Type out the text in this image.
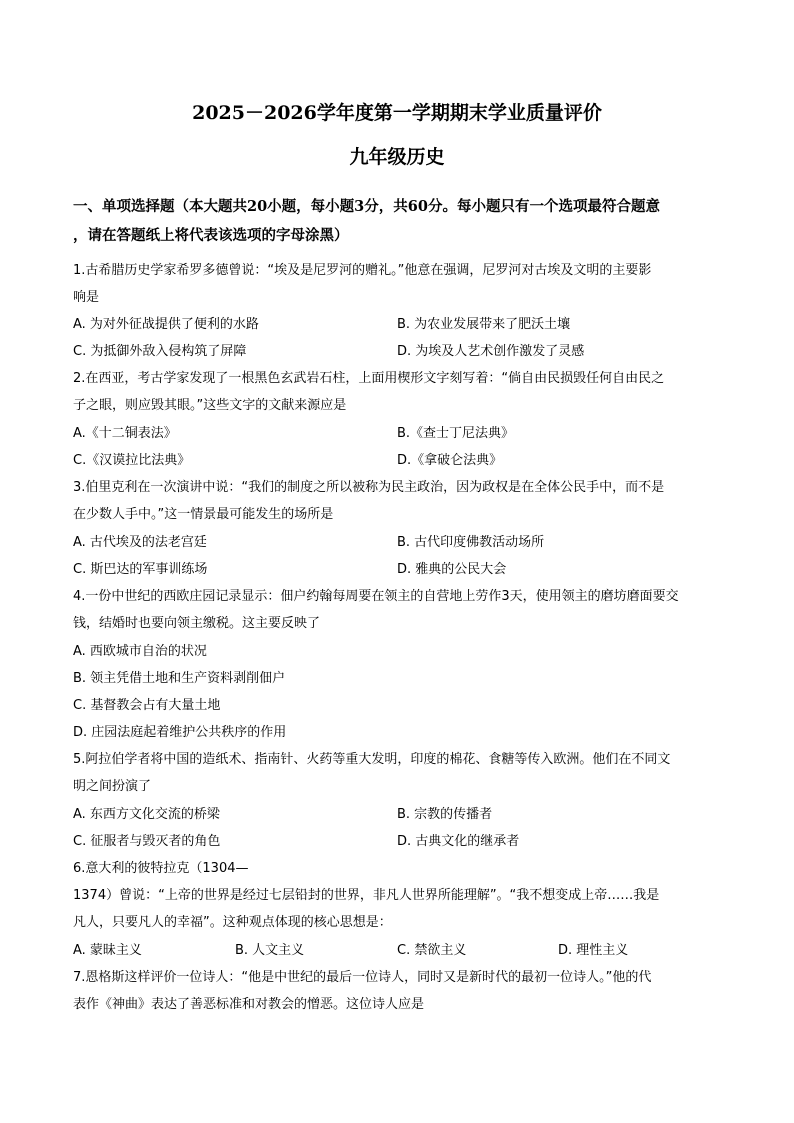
2025－2026学年度第一学期期末学业质量评价
九年级历史
一、单项选择题（本大题共20小题，每小题3分，共60分。每小题只有一个选项最符合题意
，请在答题纸上将代表该选项的字母涂黑）
1.古希腊历史学家希罗多德曾说：“埃及是尼罗河的赠礼。”他意在强调，尼罗河对古埃及文明的主要影
响是
A. 为对外征战提供了便利的水路	B. 为农业发展带来了肥沃土壤
C. 为抵御外敌入侵构筑了屏障	D. 为埃及人艺术创作激发了灵感
2.在西亚，考古学家发现了一根黑色玄武岩石柱，上面用楔形文字刻写着：“倘自由民损毁任何自由民之
子之眼，则应毁其眼。”这些文字的文献来源应是
A.《十二铜表法》	B.《查士丁尼法典》
C.《汉谟拉比法典》	D.《拿破仑法典》
3.伯里克利在一次演讲中说：“我们的制度之所以被称为民主政治，因为政权是在全体公民手中，而不是
在少数人手中。”这一情景最可能发生的场所是
A. 古代埃及的法老宫廷	B. 古代印度佛教活动场所
C. 斯巴达的军事训练场	D. 雅典的公民大会
4.一份中世纪的西欧庄园记录显示：佃户约翰每周要在领主的自营地上劳作3天，使用领主的磨坊磨面要交
钱，结婚时也要向领主缴税。这主要反映了
A. 西欧城市自治的状况
B. 领主凭借土地和生产资料剥削佃户
C. 基督教会占有大量土地
D. 庄园法庭起着维护公共秩序的作用
5.阿拉伯学者将中国的造纸术、指南针、火药等重大发明，印度的棉花、食糖等传入欧洲。他们在不同文
明之间扮演了
A. 东西方文化交流的桥梁	B. 宗教的传播者
C. 征服者与毁灭者的角色	D. 古典文化的继承者
6.意大利的彼特拉克（1304—
1374）曾说：“上帝的世界是经过七层铅封的世界，非凡人世界所能理解”。“我不想变成上帝……我是
凡人，只要凡人的幸福”。这种观点体现的核心思想是：
A. 蒙昧主义	B. 人文主义	C. 禁欲主义	D. 理性主义
7.恩格斯这样评价一位诗人：“他是中世纪的最后一位诗人，同时又是新时代的最初一位诗人。”他的代
表作《神曲》表达了善恶标准和对教会的憎恶。这位诗人应是
